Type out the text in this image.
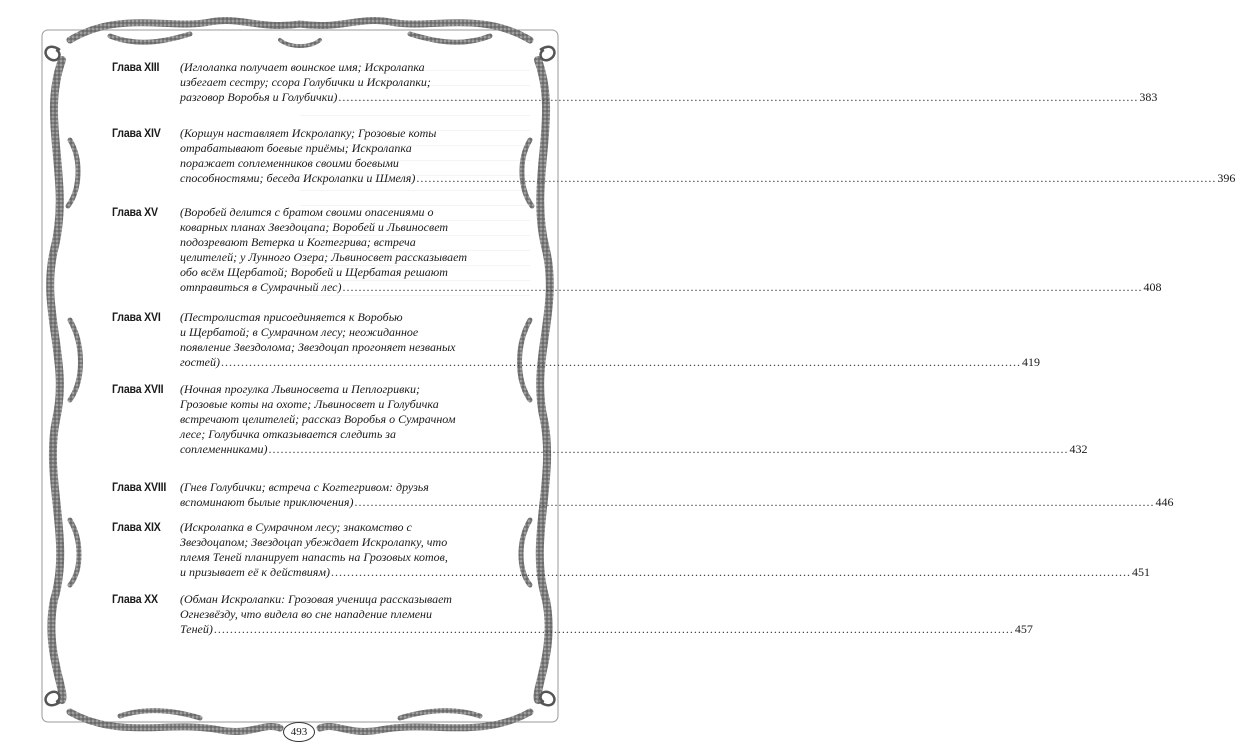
Глава XIII	(Иглолапка получает воинское имя; Искролапка
избегает сестру; ссора Голубички и Искролапки;
разговор Воробья и Голубички) ........................................................................................................................................................................................................ 383
Глава XIV	(Коршун наставляет Искролапку; Грозовые коты
отрабатывают боевые приёмы; Искролапка
поражает соплеменников своими боевыми
способностями; беседа Искролапки и Шмеля) ........................................................................................................................................................................................................ 396
Глава XV	(Воробей делится с братом своими опасениями о
коварных планах Звездоцапа; Воробей и Львиносвет
подозревают Ветерка и Когтегрива; встреча
целителей; у Лунного Озера; Львиносвет рассказывает
обо всём Щербатой; Воробей и Щербатая решают
отправиться в Сумрачный лес) ........................................................................................................................................................................................................ 408
Глава XVI	(Пестролистая присоединяется к Воробью
и Щербатой; в Сумрачном лесу; неожиданное
появление Звездолома; Звездоцап прогоняет незваных
гостей) ........................................................................................................................................................................................................ 419
Глава XVII	(Ночная прогулка Львиносвета и Пеплогривки;
Грозовые коты на охоте; Львиносвет и Голубичка
встречают целителей; рассказ Воробья о Сумрачном
лесе; Голубичка отказывается следить за
соплеменниками) ........................................................................................................................................................................................................ 432
Глава XVIII	(Гнев Голубички; встреча с Когтегривом: друзья
вспоминают былые приключения) ........................................................................................................................................................................................................ 446
Глава XIX	(Искролапка в Сумрачном лесу; знакомство с
Звездоцапом; Звездоцап убеждает Искролапку, что
племя Теней планирует напасть на Грозовых котов,
и призывает её к действиям) ........................................................................................................................................................................................................ 451
Глава XX	(Обман Искролапки: Грозовая ученица рассказывает
Огнезвёзду, что видела во сне нападение племени
Теней) ........................................................................................................................................................................................................ 457
493
